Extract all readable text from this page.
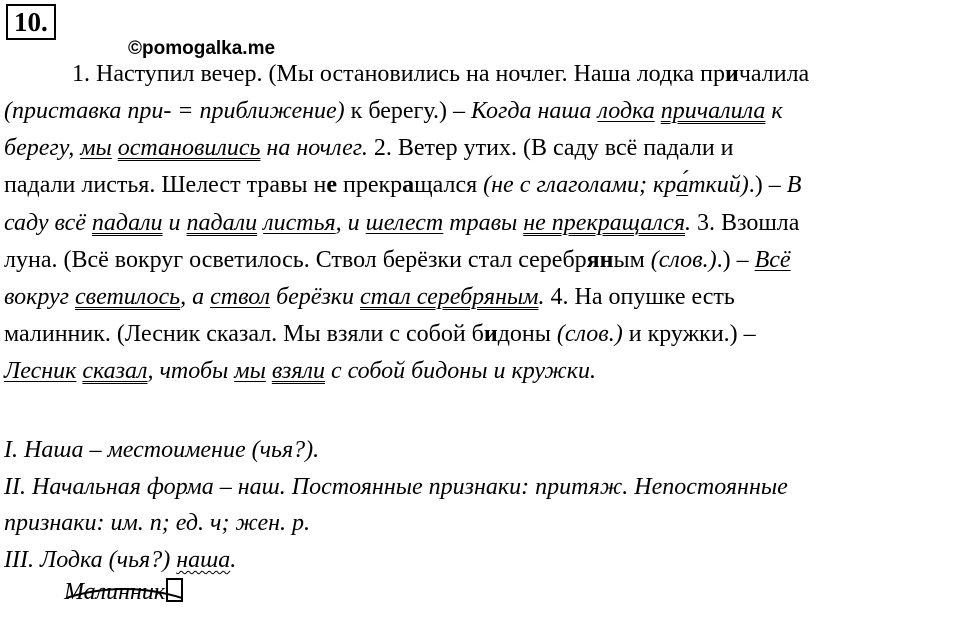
10.
©pomogalka.me
1. Наступил вечер. (Мы остановились на ночлег. Наша лодка причалила
(приставка при- = приближение) к берегу.) – Когда наша лодка причалила к
берегу, мы остановились на ночлег. 2. Ветер утих. (В саду всё падали и
падали листья. Шелест травы не прекращался (не с глаголами; кра́ткий).) – В
саду всё падали и падали листья, и шелест травы не прекращался. 3. Взошла
луна. (Всё вокруг осветилось. Ствол берёзки стал серебряным (слов.).) – Всё
вокруг светилось, а ствол берёзки стал серебряным. 4. На опушке есть
малинник. (Лесник сказал. Мы взяли с собой бидоны (слов.) и кружки.) –
Лесник сказал, чтобы мы взяли с собой бидоны и кружки.
I. Наша – местоимение (чья?).
II. Начальная форма – наш. Постоянные признаки: притяж. Непостоянные
признаки: им. п; ед. ч; жен. р.
III. Лодка (чья?) наша.
Малинник
